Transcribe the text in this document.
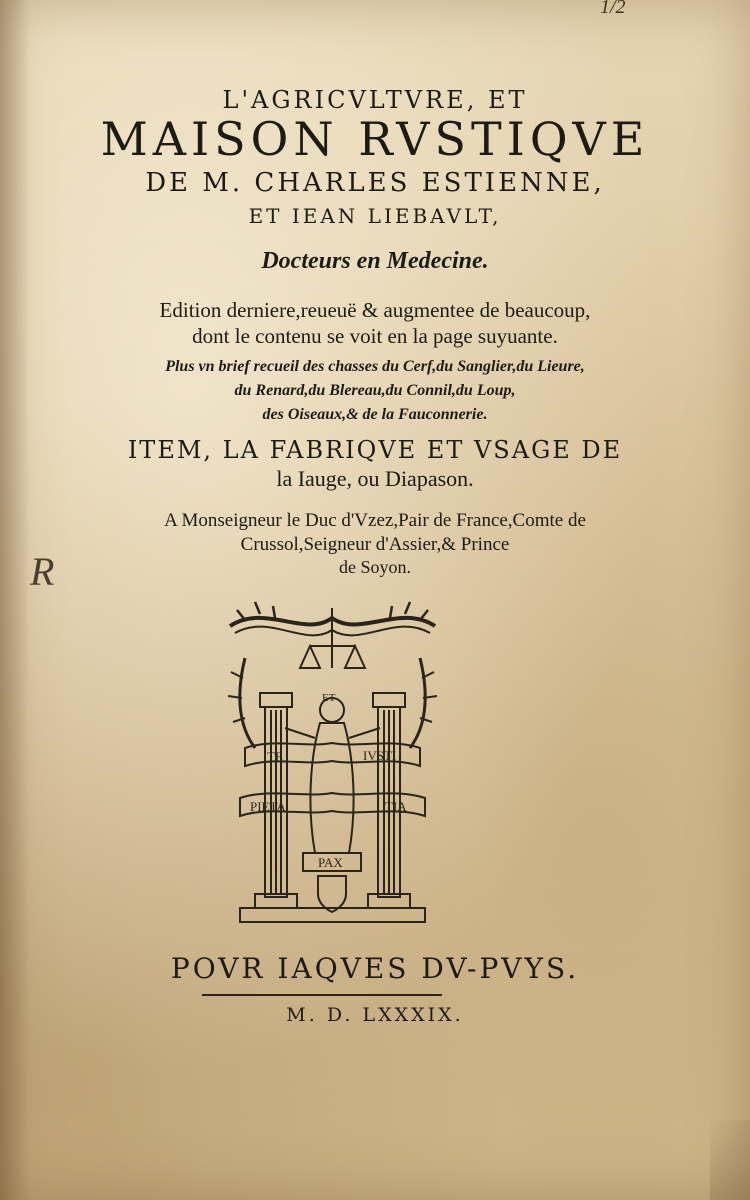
1/2
L'AGRICVLTVRE, ET
MAISON RVSTIQVE

DE M. CHARLES ESTIENNE,

ET IEAN LIEBAVLT,

Docteurs en Medecine.

Edition derniere,reueuë & augmentee de beaucoup,

dont le contenu se voit en la page suyuante.

Plus vn brief recueil des chasses du Cerf,du Sanglier,du Lieure,

du Renard,du Blereau,du Connil,du Loup,

des Oiseaux,& de la Fauconnerie.

ITEM, LA FABRIQVE ET VSAGE DE

la Iauge, ou Diapason.

A Monseigneur le Duc d'Vzez,Pair de France,Comte de

Crussol,Seigneur d'Assier,& Prince

de Soyon.

R
TE	IVSTI
PIETA	TIA
PAX
ET

POVR IAQVES DV-PVYS.

M. D. LXXXIX.
